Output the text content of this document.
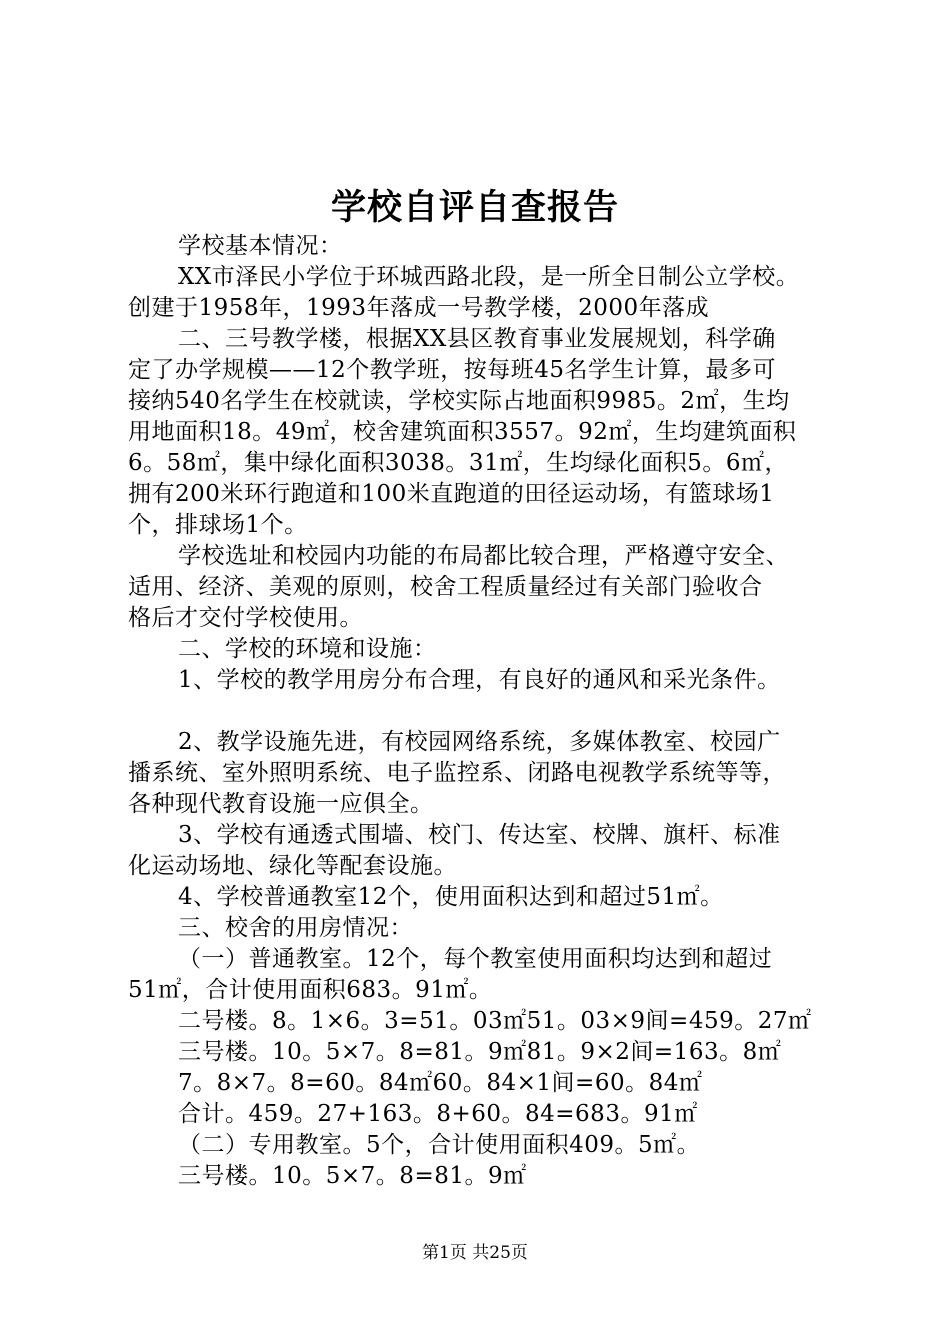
学校自评自查报告
学校基本情况：
XX市泽民小学位于环城西路北段，是一所全日制公立学校。
创建于1958年，1993年落成一号教学楼，2000年落成
二、三号教学楼，根据XX县区教育事业发展规划，科学确
定了办学规模——12个教学班，按每班45名学生计算，最多可
接纳540名学生在校就读，学校实际占地面积9985。2㎡，生均
用地面积18。49㎡，校舍建筑面积3557。92㎡，生均建筑面积
6。58㎡，集中绿化面积3038。31㎡，生均绿化面积5。6㎡，
拥有200米环行跑道和100米直跑道的田径运动场，有篮球场1
个，排球场1个。
学校选址和校园内功能的布局都比较合理，严格遵守安全、
适用、经济、美观的原则，校舍工程质量经过有关部门验收合
格后才交付学校使用。
二、学校的环境和设施：
1、学校的教学用房分布合理，有良好的通风和采光条件。
2、教学设施先进，有校园网络系统，多媒体教室、校园广
播系统、室外照明系统、电子监控系、闭路电视教学系统等等，
各种现代教育设施一应俱全。
3、学校有通透式围墙、校门、传达室、校牌、旗杆、标准
化运动场地、绿化等配套设施。
4、学校普通教室12个，使用面积达到和超过51㎡。
三、校舍的用房情况：
（一）普通教室。12个，每个教室使用面积均达到和超过
51㎡，合计使用面积683。91㎡。
二号楼。8。1×6。3=51。03㎡51。03×9间=459。27㎡
三号楼。10。5×7。8=81。9㎡81。9×2间=163。8㎡
7。8×7。8=60。84㎡60。84×1间=60。84㎡
合计。459。27+163。8+60。84=683。91㎡
（二）专用教室。5个，合计使用面积409。5㎡。
三号楼。10。5×7。8=81。9㎡
第1页 共25页
